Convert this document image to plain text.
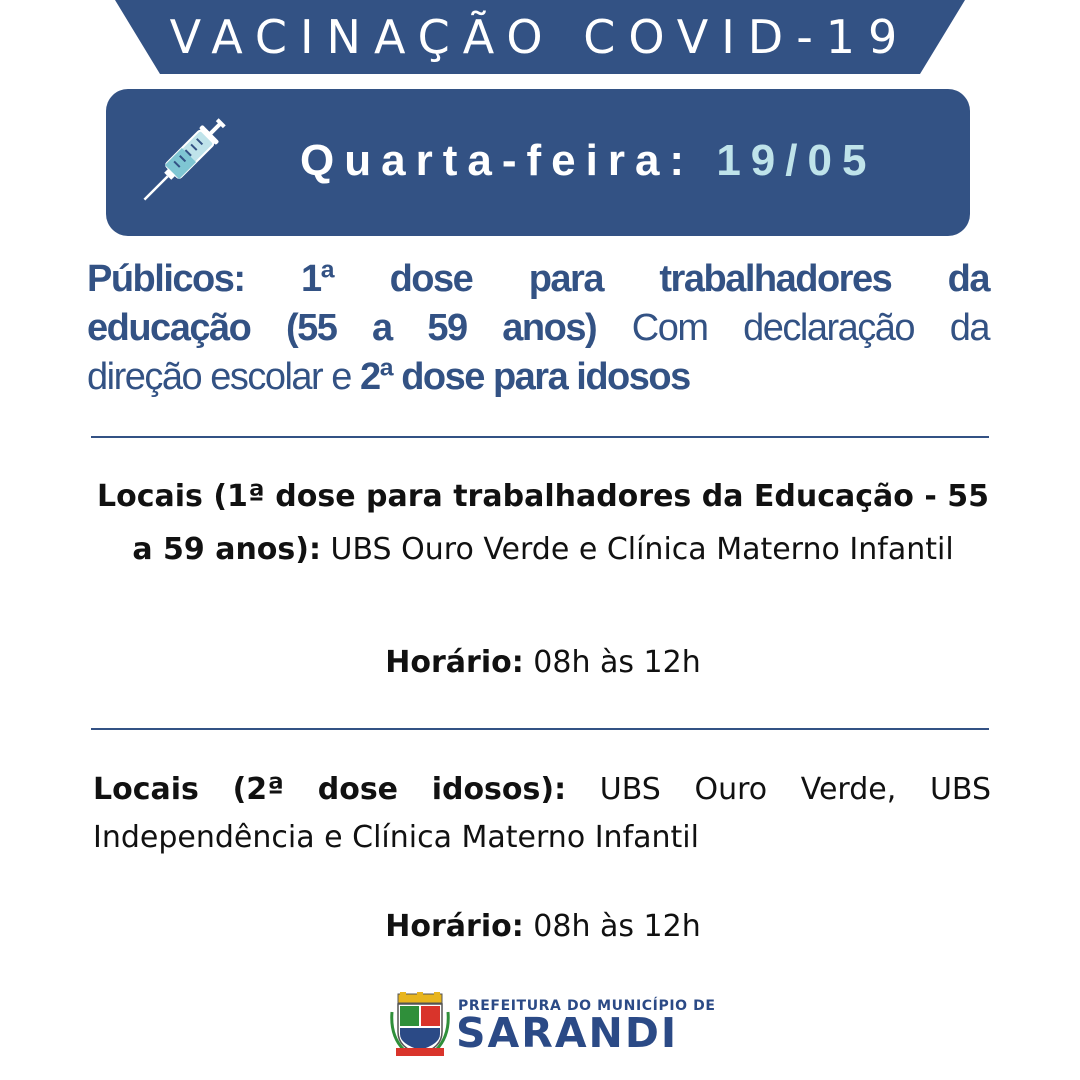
VACINAÇÃO COVID-19
Quarta-feira: 19/05
Públicos: 1ª dose para trabalhadores da
educação (55 a 59 anos) Com declaração da
direção escolar e 2ª dose para idosos
Locais (1ª dose para trabalhadores da Educação - 55 a 59 anos): UBS Ouro Verde e Clínica Materno Infantil
Horário: 08h às 12h
Locais (2ª dose idosos): UBS Ouro Verde, UBS
Independência e Clínica Materno Infantil
Horário: 08h às 12h
PREFEITURA DO MUNICÍPIO DE
SARANDI
